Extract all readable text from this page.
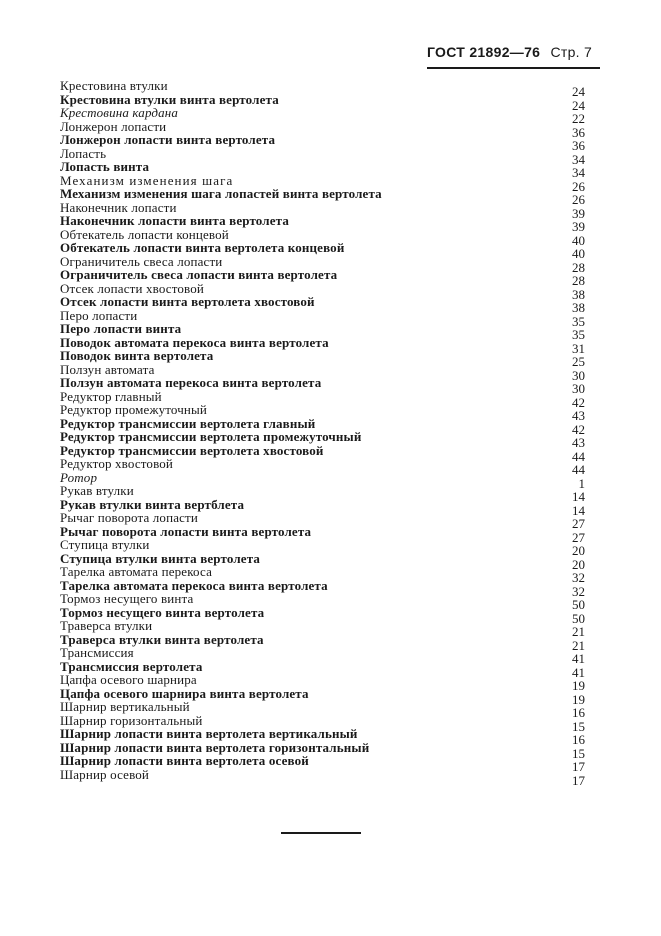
ГОСТ 21892—76 Стр. 7
Крестовина втулки	24
Крестовина втулки винта вертолета	24
Крестовина кардана	22
Лонжерон лопасти	36
Лонжерон лопасти винта вертолета	36
Лопасть	34
Лопасть винта	34
Механизм изменения шага	26
Механизм изменения шага лопастей винта вертолета	26
Наконечник лопасти	39
Наконечник лопасти винта вертолета	39
Обтекатель лопасти концевой	40
Обтекатель лопасти винта вертолета концевой	40
Ограничитель свеса лопасти	28
Ограничитель свеса лопасти винта вертолета	28
Отсек лопасти хвостовой	38
Отсек лопасти винта вертолета хвостовой	38
Перо лопасти	35
Перо лопасти винта	35
Поводок автомата перекоса винта вертолета	31
Поводок винта вертолета	25
Ползун автомата	30
Ползун автомата перекоса винта вертолета	30
Редуктор главный	42
Редуктор промежуточный	43
Редуктор трансмиссии вертолета главный	42
Редуктор трансмиссии вертолета промежуточный	43
Редуктор трансмиссии вертолета хвостовой	44
Редуктор хвостовой	44
Ротор	1
Рукав втулки	14
Рукав втулки винта вертблета	14
Рычаг поворота лопасти	27
Рычаг поворота лопасти винта вертолета	27
Ступица втулки	20
Ступица втулки винта вертолета	20
Тарелка автомата перекоса	32
Тарелка автомата перекоса винта вертолета	32
Тормоз несущего винта	50
Тормоз несущего винта вертолета	50
Траверса втулки	21
Траверса втулки винта вертолета	21
Трансмиссия	41
Трансмиссия вертолета	41
Цапфа осевого шарнира	19
Цапфа осевого шарнира винта вертолета	19
Шарнир вертикальный	16
Шарнир горизонтальный	15
Шарнир лопасти винта вертолета вертикальный	16
Шарнир лопасти винта вертолета горизонтальный	15
Шарнир лопасти винта вертолета осевой	17
Шарнир осевой	17
